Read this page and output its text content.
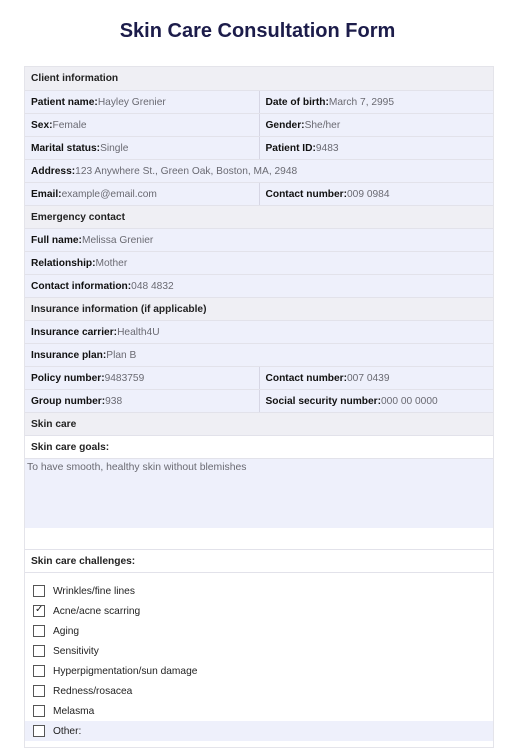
Skin Care Consultation Form
Client information
Patient name: Hayley Grenier	Date of birth: March 7, 2995
Sex: Female	Gender: She/her
Marital status: Single	Patient ID: 9483
Address: 123 Anywhere St., Green Oak, Boston, MA, 2948
Email: example@email.com	Contact number: 009 0984
Emergency contact
Full name: Melissa Grenier
Relationship: Mother
Contact information: 048 4832
Insurance information (if applicable)
Insurance carrier: Health4U
Insurance plan: Plan B
Policy number: 9483759	Contact number: 007 0439
Group number: 938	Social security number: 000 00 0000
Skin care
Skin care goals:
To have smooth, healthy skin without blemishes
Skin care challenges:
Wrinkles/fine lines
✓ Acne/acne scarring
Aging
Sensitivity
Hyperpigmentation/sun damage
Redness/rosacea
Melasma
Other:
